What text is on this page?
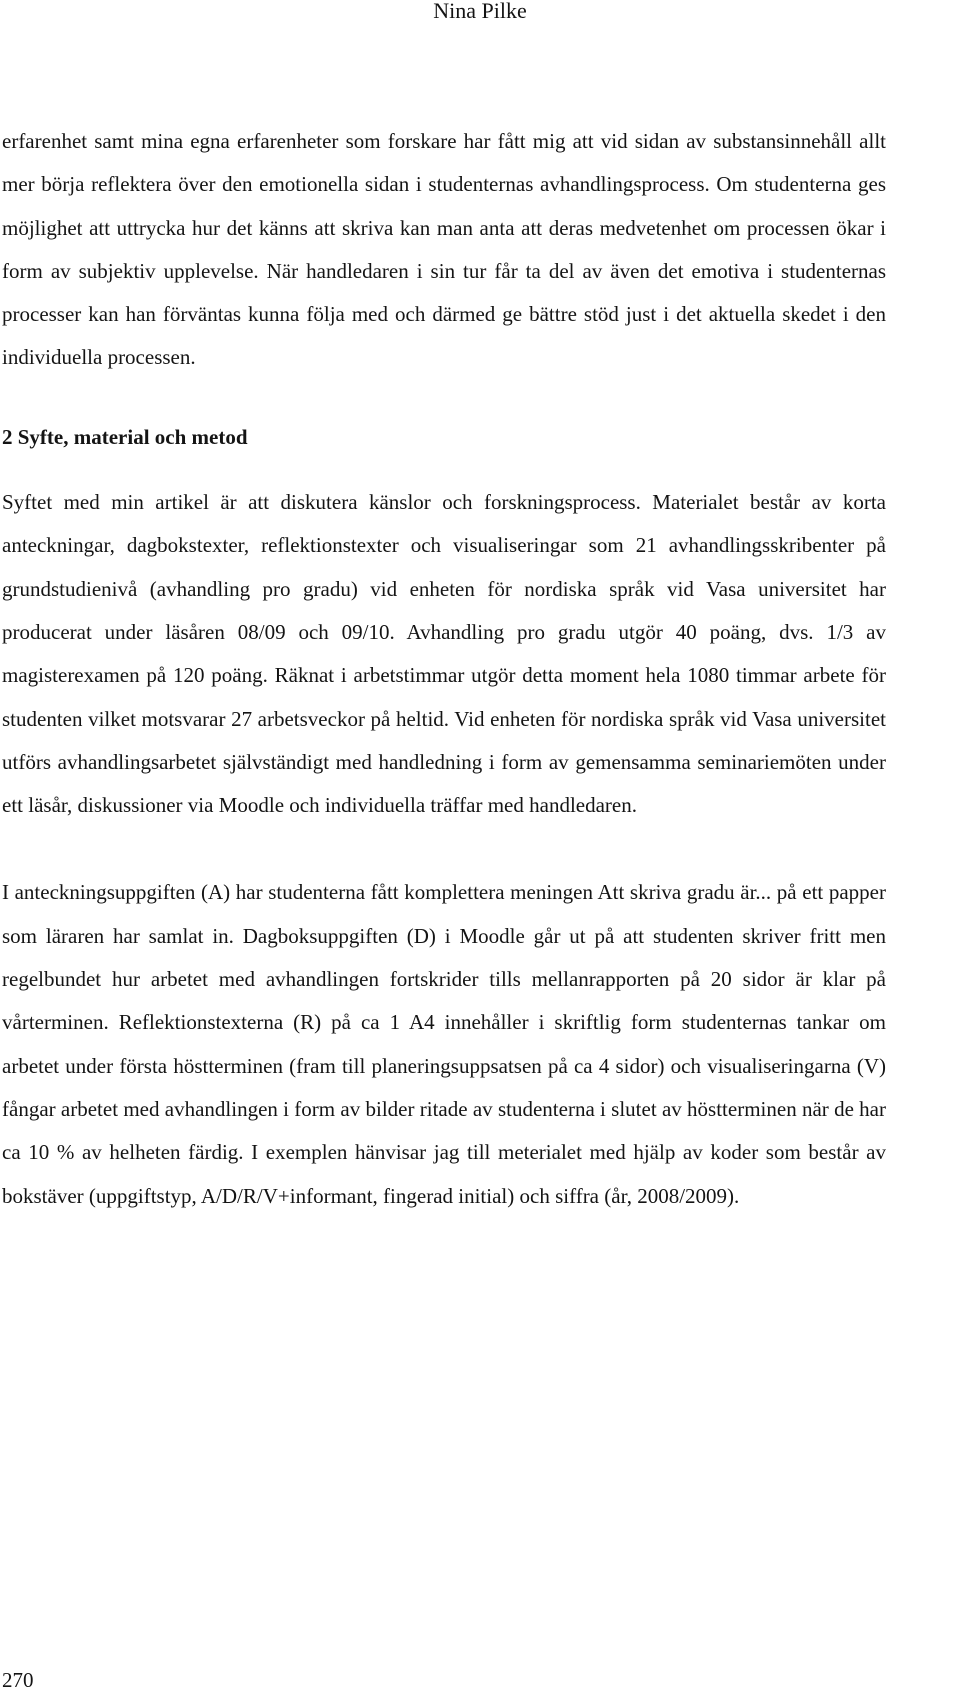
Nina Pilke

erfarenhet samt mina egna erfarenheter som forskare har fått mig att vid sidan av substansinnehåll allt mer börja reflektera över den emotionella sidan i studenternas avhandlingsprocess. Om studenterna ges möjlighet att uttrycka hur det känns att skriva kan man anta att deras medvetenhet om processen ökar i form av subjektiv upplevelse. När handledaren i sin tur får ta del av även det emotiva i studenternas processer kan han förväntas kunna följa med och därmed ge bättre stöd just i det aktuella skedet i den individuella processen.

2 Syfte, material och metod

Syftet med min artikel är att diskutera känslor och forskningsprocess. Materialet består av korta anteckningar, dagbokstexter, reflektionstexter och visualiseringar som 21 avhandlingsskribenter på grundstudienivå (avhandling pro gradu) vid enheten för nordiska språk vid Vasa universitet har producerat under läsåren 08/09 och 09/10. Avhandling pro gradu utgör 40 poäng, dvs. 1/3 av magisterexamen på 120 poäng. Räknat i arbetstimmar utgör detta moment hela 1080 timmar arbete för studenten vilket motsvarar 27 arbetsveckor på heltid. Vid enheten för nordiska språk vid Vasa universitet utförs avhandlingsarbetet självständigt med handledning i form av gemensamma seminariemöten under ett läsår, diskussioner via Moodle och individuella träffar med handledaren.

I anteckningsuppgiften (A) har studenterna fått komplettera meningen Att skriva gradu är... på ett papper som läraren har samlat in. Dagboksuppgiften (D) i Moodle går ut på att studenten skriver fritt men regelbundet hur arbetet med avhandlingen fortskrider tills mellanrapporten på 20 sidor är klar på vårterminen. Reflektionstexterna (R) på ca 1 A4 innehåller i skriftlig form studenternas tankar om arbetet under första höstterminen (fram till planeringsuppsatsen på ca 4 sidor) och visualiseringarna (V) fångar arbetet med avhandlingen i form av bilder ritade av studenterna i slutet av höstterminen när de har ca 10 % av helheten färdig. I exemplen hänvisar jag till meterialet med hjälp av koder som består av bokstäver (uppgiftstyp, A/D/R/V+informant, fingerad initial) och siffra (år, 2008/2009).

270
